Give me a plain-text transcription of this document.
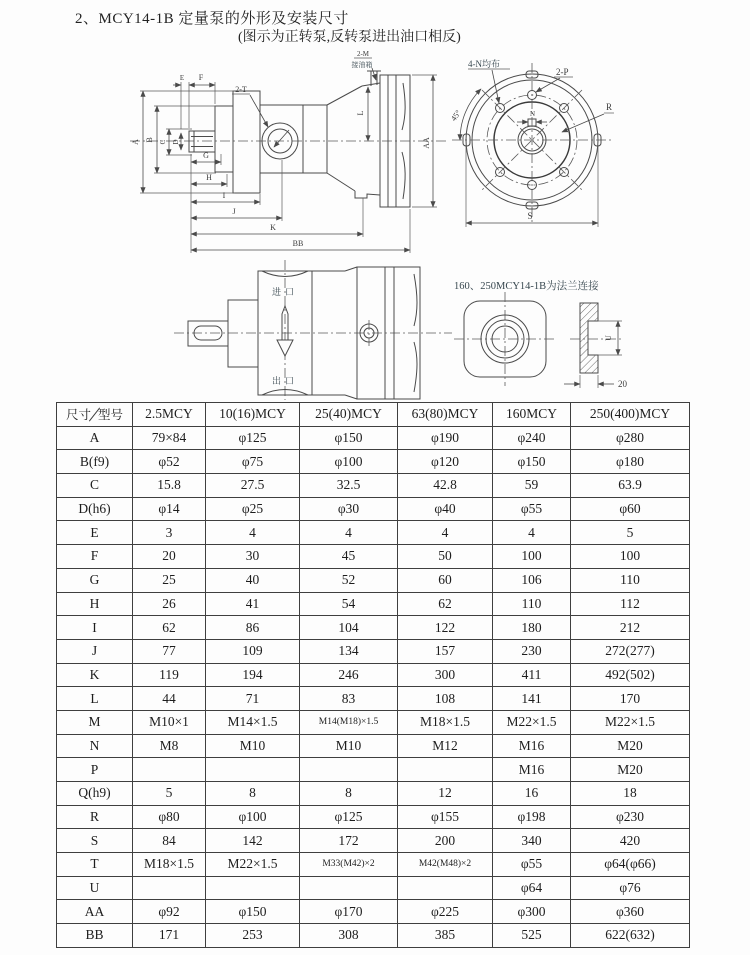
2、MCY14-1B 定量泵的外形及安装尺寸
(图示为正转泵,反转泵进出油口相反)
A B C D
E F
G
H
I
J
K
BB
L
AA
2-T
2-M
接油箱	4-N均布
2-P
R
45°	N
S
进口
出口
160、250MCY14-1B为法兰连接
U
20
尺寸 型号	2.5MCY	10(16)MCY	25(40)MCY	63(80)MCY	160MCY	250(400)MCY
A	79×84	φ125	φ150	φ190	φ240	φ280
B(f9)	φ52	φ75	φ100	φ120	φ150	φ180
C	15.8	27.5	32.5	42.8	59	63.9
D(h6)	φ14	φ25	φ30	φ40	φ55	φ60
E	3	4	4	4	4	5
F	20	30	45	50	100	100
G	25	40	52	60	106	110
H	26	41	54	62	110	112
I	62	86	104	122	180	212
J	77	109	134	157	230	272(277)
K	119	194	246	300	411	492(502)
L	44	71	83	108	141	170
M	M10×1	M14×1.5	M14(M18)×1.5	M18×1.5	M22×1.5	M22×1.5
N	M8	M10	M10	M12	M16	M20
P					M16	M20
Q(h9)	5	8	8	12	16	18
R	φ80	φ100	φ125	φ155	φ198	φ230
S	84	142	172	200	340	420
T	M18×1.5	M22×1.5	M33(M42)×2	M42(M48)×2	φ55	φ64(φ66)
U					φ64	φ76
AA	φ92	φ150	φ170	φ225	φ300	φ360
BB	171	253	308	385	525	622(632)
